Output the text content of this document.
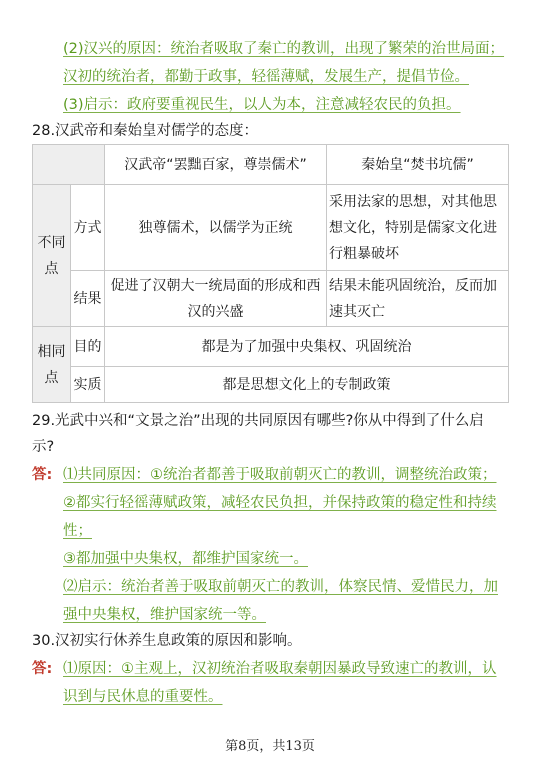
(2)汉兴的原因：统治者吸取了秦亡的教训，出现了繁荣的治世局面；
汉初的统治者，都勤于政事，轻徭薄赋，发展生产，提倡节俭。
(3)启示：政府要重视民生，以人为本，注意减轻农民的负担。
28.汉武帝和秦始皇对儒学的态度：
		汉武帝“罢黜百家，尊崇儒术”	秦始皇“焚书坑儒”
不同点	方式	独尊儒术，以儒学为正统	采用法家的思想，对其他思想文化，特别是儒家文化进行粗暴破坏
	结果	促进了汉朝大一统局面的形成和西汉的兴盛	结果未能巩固统治，反而加速其灭亡
相同点	目的	都是为了加强中央集权、巩固统治	
	实质	都是思想文化上的专制政策	
29.光武中兴和“文景之治”出现的共同原因有哪些?你从中得到了什么启
示?
答: ⑴共同原因：①统治者都善于吸取前朝灭亡的教训，调整统治政策；
②都实行轻徭薄赋政策，减轻农民负担，并保持政策的稳定性和持续
性；
③都加强中央集权，都维护国家统一。
⑵启示：统治者善于吸取前朝灭亡的教训，体察民情、爱惜民力，加
强中央集权，维护国家统一等。
30.汉初实行休养生息政策的原因和影响。
答: ⑴原因：①主观上，汉初统治者吸取秦朝因暴政导致速亡的教训，认
识到与民休息的重要性。
第8页，共13页
